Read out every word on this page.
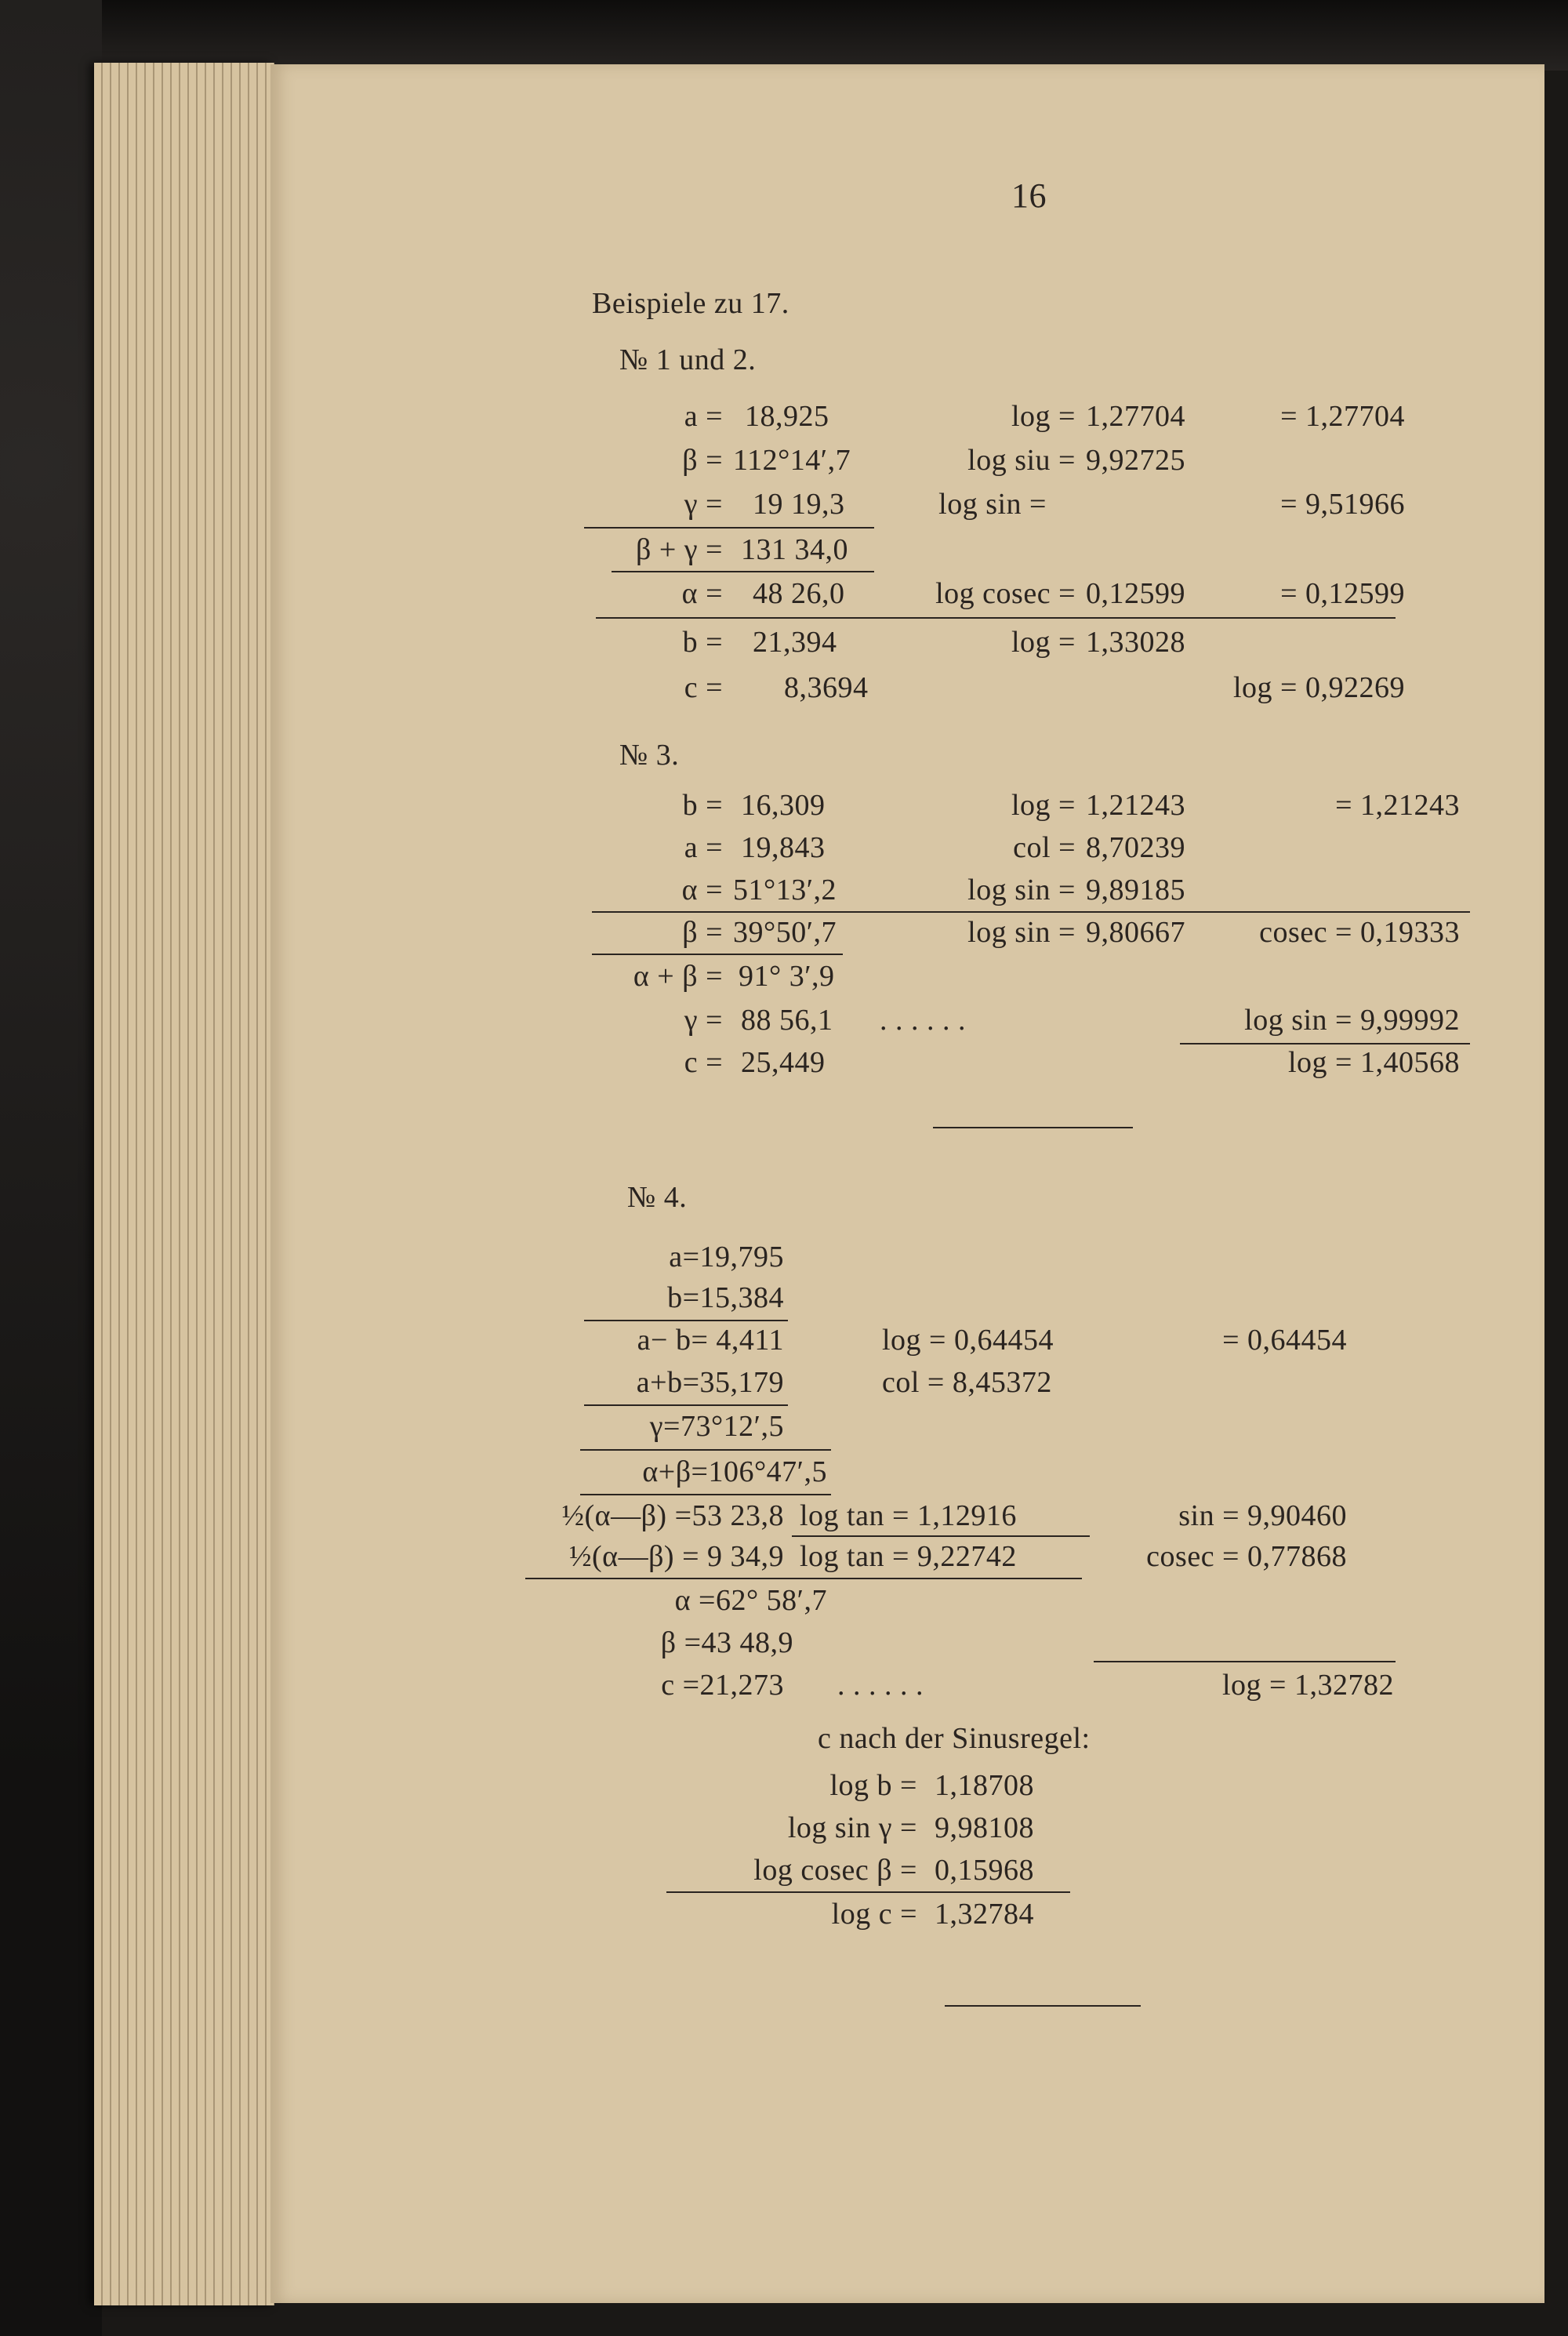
16
Beispiele zu 17.
№ 1 und 2.
a = 18,925	log = 1,27704	= 1,27704
β = 112°14′,7	log siu = 9,92725
γ = 19 19,3	log sin =	= 9,51966
β + γ = 131 34,0
α = 48 26,0	log cosec = 0,12599	= 0,12599
b = 21,394	log = 1,33028
c = 8,3694	log = 0,92269
№ 3.
b = 16,309	log = 1,21243	= 1,21243
a = 19,843	col = 8,70239
α = 51°13′,2	log sin = 9,89185
β = 39°50′,7	log sin = 9,80667 cosec = 0,19333
α + β = 91° 3′,9
γ = 88 56,1 . . . . . .	log sin = 9,99992
c = 25,449	log = 1,40568
№ 4.
a=19,795
b=15,384
a− b= 4,411	log = 0,64454	= 0,64454
a+b=35,179	col = 8,45372
γ=73°12′,5
α+β=106°47′,5
½(α—β) =53 23,8 log tan = 1,12916	sin = 9,90460
½(α—β) = 9 34,9 log tan = 9,22742	cosec = 0,77868
α =62° 58′,7
β =43 48,9
c =21,273 . . . . . .	log = 1,32782
c nach der Sinusregel:
log b = 1,18708
log sin γ = 9,98108
log cosec β = 0,15968
log c = 1,32784
